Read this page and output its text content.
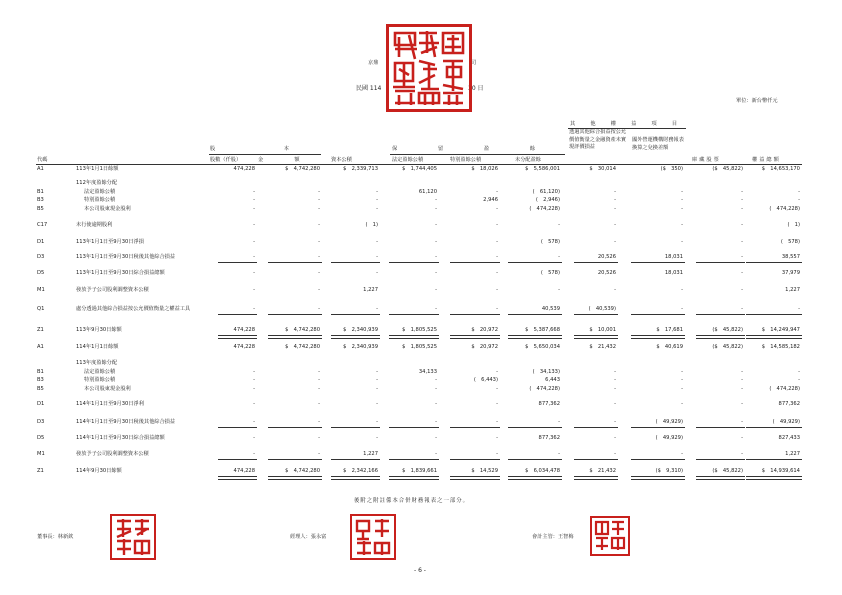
京鼎	司
民國 114	30 日
單位：新台幣仟元
代碼
股　　　　　　　　本
股數（仟股）	金　　　　　　額	資本公積
保　　　　留　　　　盈　　　　餘
法定盈餘公積	特別盈餘公積	未分配盈餘
其　他　權　益　項　目
透過其他綜合損益按公允價值衡量之金融資產未實現評價損益
國外營運機構財務報表換算之兌換差額
庫藏股票	權益總額
A1	113年1月1日餘額	474,228	$　4,742,280	$　2,339,713	$　1,744,405	$　18,026	$　5,586,001	$　30,014	($　350)	($　45,822)	$　14,653,170
112年度盈餘分配
B1	法定盈餘公積	-	-	-	61,120	-	(　61,120)	-	-	-	-
B3	特別盈餘公積	-	-	-	-	2,946	(　2,946)	-	-	-	-
B5	本公司股東現金股利	-	-	-	-	-	(　474,228)	-	-	-	(　474,228)
C17	未行使逾期股利	-	-	(　1)	-	-	-	-	-	-	(　1)
D1	113年1月1日至9月30日淨損	-	-	-	-	-	(　578)	-	-	-	(　578)
D3	113年1月1日至9月30日稅後其他綜合損益	-	-	-	-	-	-	20,526	18,031	-	38,557
D5	113年1月1日至9月30日綜合損益總額	-	-	-	-	-	(　578)	20,526	18,031	-	37,979
M1	發放予子公司股利調整資本公積	-	-	1,227	-	-	-	-	-	-	1,227
Q1	處分透過其他綜合損益按公允價值衡量之權益工具	-	-	-	-	-	40,539	(　40,539)	-	-	-
Z1	113年9月30日餘額	474,228	$　4,742,280	$　2,340,939	$　1,805,525	$　20,972	$　5,387,668	$　10,001	$　17,681	($　45,822)	$　14,249,947
A1	114年1月1日餘額	474,228	$　4,742,280	$　2,340,939	$　1,805,525	$　20,972	$　5,650,034	$　21,432	$　40,619	($　45,822)	$　14,585,182
113年度盈餘分配
B1	法定盈餘公積	-	-	-	34,133	-	(　34,133)	-	-	-	-
B3	特別盈餘公積	-	-	-	-	(　6,443)	6,443	-	-	-	-
B5	本公司股東現金股利	-	-	-	-	-	(　474,228)	-	-	-	(　474,228)
D1	114年1月1日至9月30日淨利	-	-	-	-	-	877,362	-	-	-	877,362
D3	114年1月1日至9月30日稅後其他綜合損益	-	-	-	-	-	-	-	(　49,929)	-	(　49,929)
D5	114年1月1日至9月30日綜合損益總額	-	-	-	-	-	877,362	-	(　49,929)	-	827,433
M1	發放予子公司股利調整資本公積	-	-	1,227	-	-	-	-	-	-	1,227
Z1	114年9月30日餘額	474,228	$　4,742,280	$　2,342,166	$　1,839,661	$　14,529	$　6,034,478	$　21,432	($　9,310)	($　45,822)	$　14,939,614
後附之附註係本合併財務報表之一部分。
董事長：林新欽	經理人：張永富	會計主管：王智梅
- 6 -
